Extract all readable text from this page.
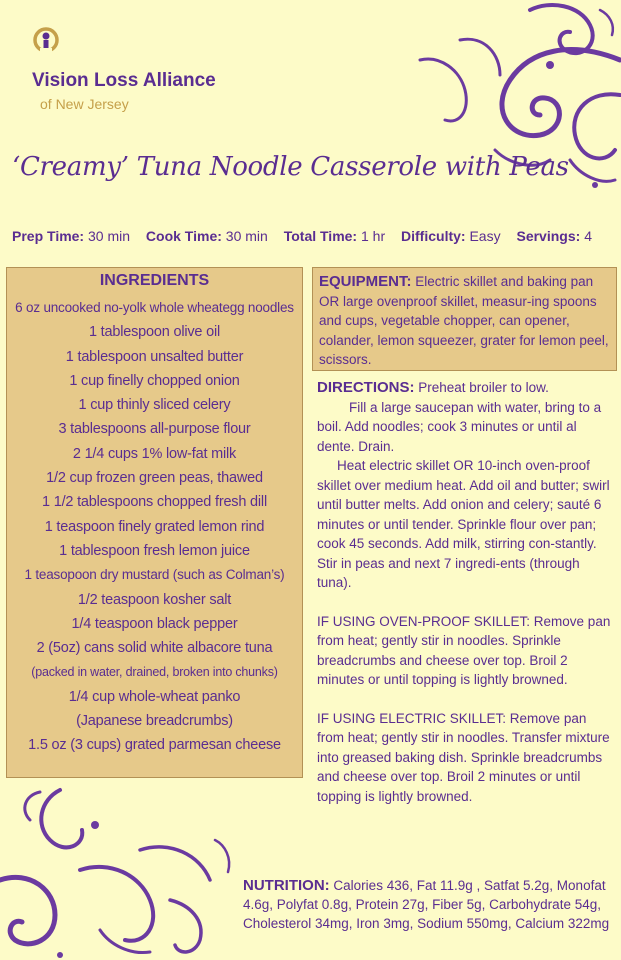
Vision Loss Alliance
of New Jersey
‘Creamy’ Tuna Noodle Casserole with Peas
Prep Time: 30 min Cook Time: 30 min Total Time: 1 hr Difficulty: Easy Servings: 4
INGREDIENTS
6 oz uncooked no-yolk whole wheategg noodles
1 tablespoon olive oil
1 tablespoon unsalted butter
1 cup finelly chopped onion
1 cup thinly sliced celery
3 tablespoons all-purpose flour
2 1/4 cups 1% low-fat milk
1/2 cup frozen green peas, thawed
1 1/2 tablespoons chopped fresh dill
1 teaspoon finely grated lemon rind
1 tablespoon fresh lemon juice
1 teasopoon dry mustard (such as Colman’s)
1/2 teaspoon kosher salt
1/4 teaspoon black pepper
2 (5oz) cans solid white albacore tuna
(packed in water, drained, broken into chunks)
1/4 cup whole-wheat panko
(Japanese breadcrumbs)
1.5 oz (3 cups) grated parmesan cheese
EQUIPMENT: Electric skillet and baking pan OR large ovenproof skillet, measur-ing spoons and cups, vegetable chopper, can opener, colander, lemon squeezer, grater for lemon peel, scissors.

DIRECTIONS: Preheat broiler to low.

Fill a large saucepan with water, bring to a boil. Add noodles; cook 3 minutes or until al dente. Drain.

Heat electric skillet OR 10-inch oven-proof skillet over medium heat. Add oil and butter; swirl until butter melts. Add onion and celery; sauté 6 minutes or until tender. Sprinkle flour over pan; cook 45 seconds. Add milk, stirring con-stantly. Stir in peas and next 7 ingredi-ents (through tuna).

IF USING OVEN-PROOF SKILLET: Remove pan from heat; gently stir in noodles. Sprinkle breadcrumbs and cheese over top. Broil 2 minutes or until topping is lightly browned.

IF USING ELECTRIC SKILLET: Remove pan from heat; gently stir in noodles. Transfer mixture into greased baking dish. Sprinkle breadcrumbs and cheese over top. Broil 2 minutes or until topping is lightly browned.

NUTRITION: Calories 436, Fat 11.9g , Satfat 5.2g, Monofat 4.6g, Polyfat 0.8g, Protein 27g, Fiber 5g, Carbohydrate 54g, Cholesterol 34mg, Iron 3mg, Sodium 550mg, Calcium 322mg
